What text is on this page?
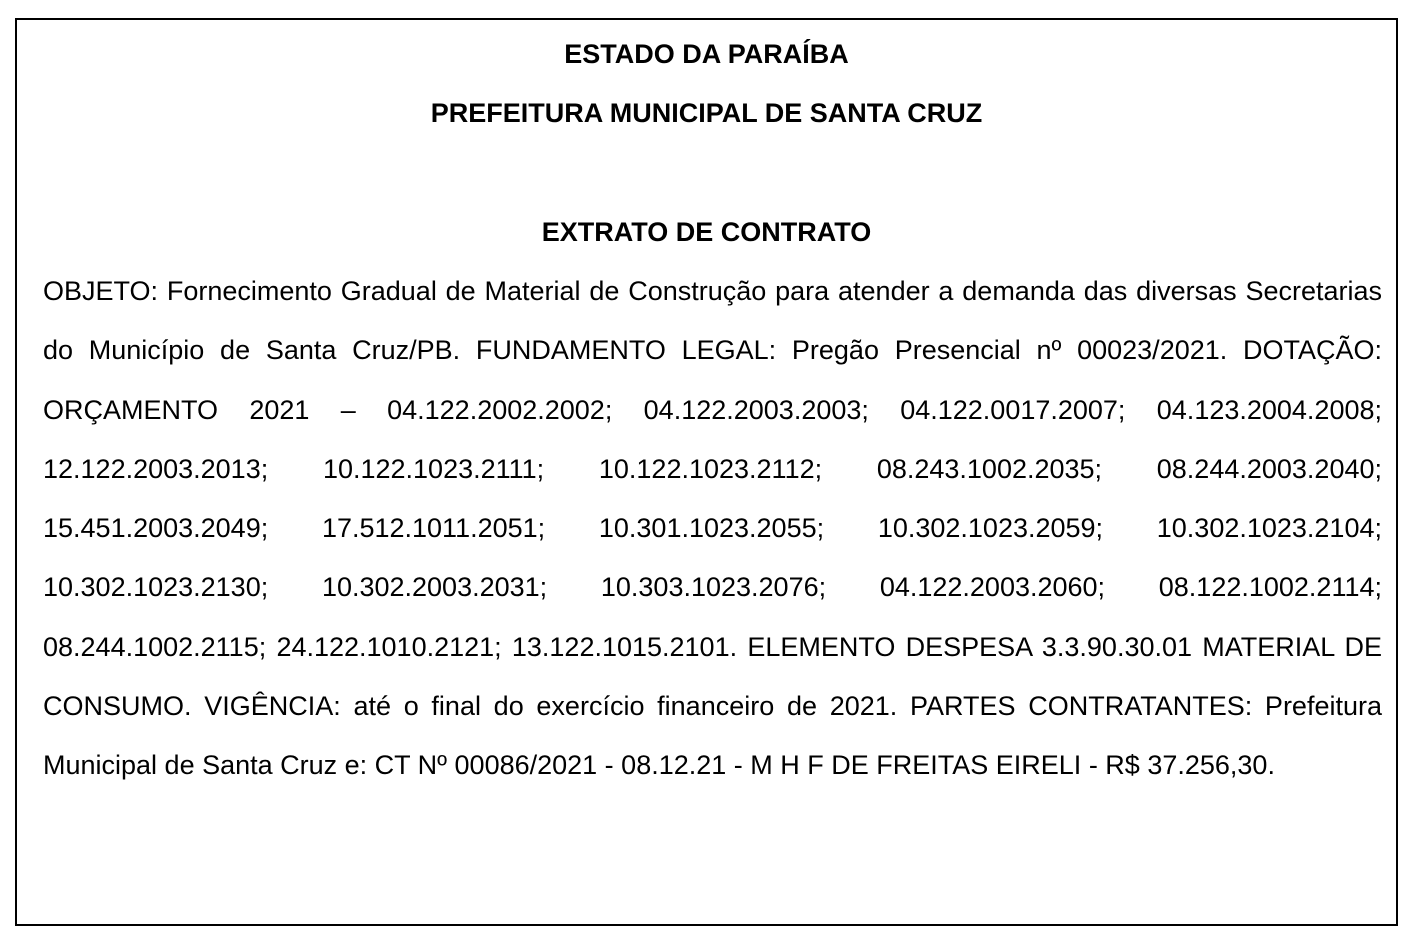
ESTADO DA PARAÍBA

PREFEITURA MUNICIPAL DE SANTA CRUZ

EXTRATO DE CONTRATO

OBJETO: Fornecimento Gradual de Material de Construção para atender a demanda das diversas Secretarias do Município de Santa Cruz/PB. FUNDAMENTO LEGAL: Pregão Presencial nº 00023/2021. DOTAÇÃO: ORÇAMENTO 2021 – 04.122.2002.2002; 04.122.2003.2003; 04.122.0017.2007; 04.123.2004.2008; 12.122.2003.2013; 10.122.1023.2111; 10.122.1023.2112; 08.243.1002.2035; 08.244.2003.2040; 15.451.2003.2049; 17.512.1011.2051; 10.301.1023.2055; 10.302.1023.2059; 10.302.1023.2104; 10.302.1023.2130; 10.302.2003.2031; 10.303.1023.2076; 04.122.2003.2060; 08.122.1002.2114; 08.244.1002.2115; 24.122.1010.2121; 13.122.1015.2101. ELEMENTO DESPESA 3.3.90.30.01 MATERIAL DE CONSUMO. VIGÊNCIA: até o final do exercício financeiro de 2021. PARTES CONTRATANTES: Prefeitura Municipal de Santa Cruz e: CT Nº 00086/2021 - 08.12.21 - M H F DE FREITAS EIRELI - R$ 37.256,30.
